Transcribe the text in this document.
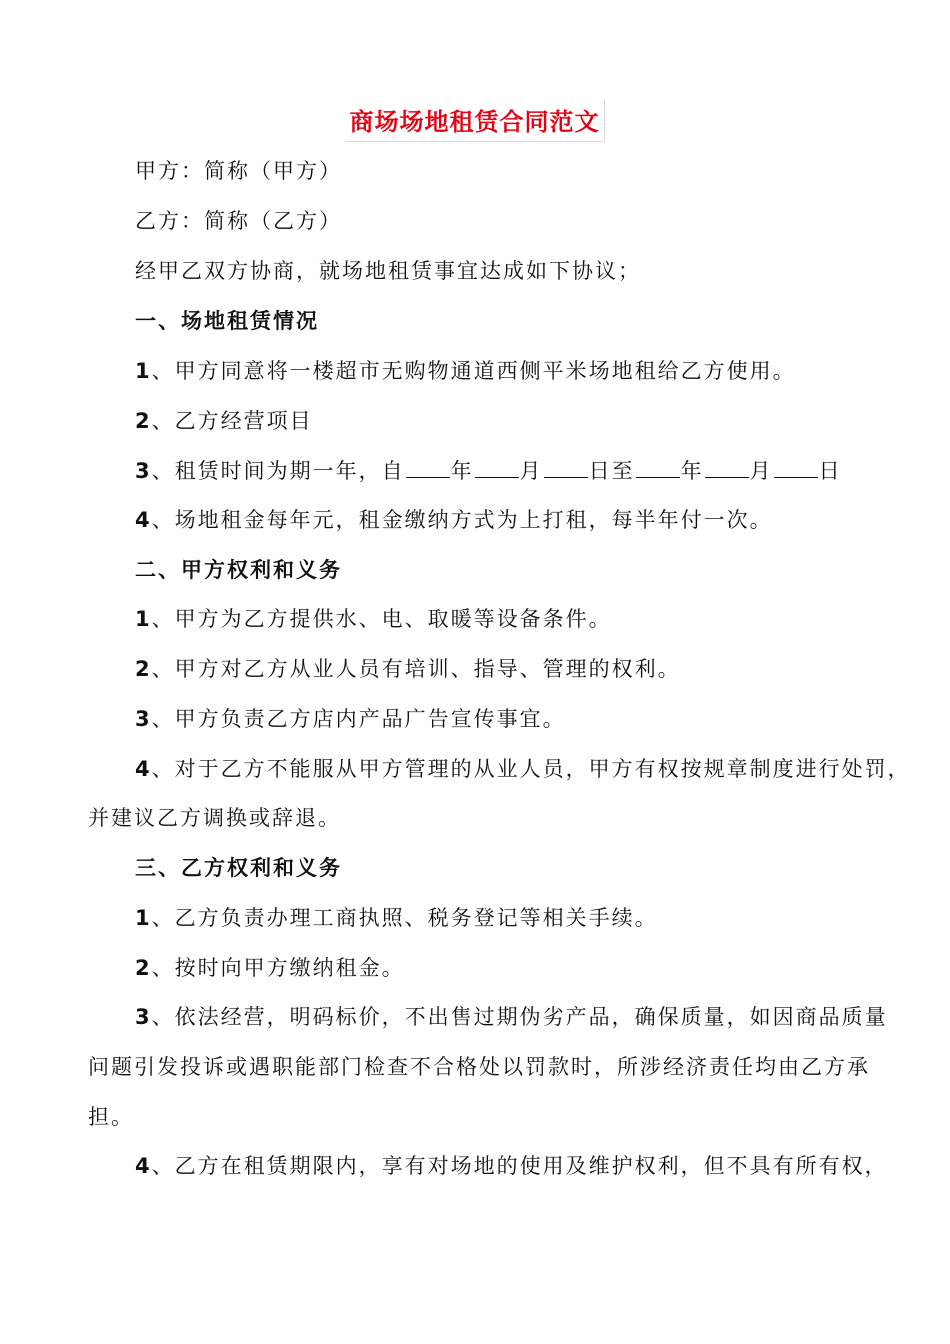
商场场地租赁合同范文
甲方：简称（甲方）
乙方：简称（乙方）
经甲乙双方协商，就场地租赁事宜达成如下协议；
一、场地租赁情况
1、甲方同意将一楼超市无购物通道西侧平米场地租给乙方使用。
2、乙方经营项目
3、租赁时间为期一年，自 年 月 日至 年 月 日
4、场地租金每年元，租金缴纳方式为上打租，每半年付一次。
二、甲方权利和义务
1、甲方为乙方提供水、电、取暖等设备条件。
2、甲方对乙方从业人员有培训、指导、管理的权利。
3、甲方负责乙方店内产品广告宣传事宜。
4、对于乙方不能服从甲方管理的从业人员，甲方有权按规章制度进行处罚，
并建议乙方调换或辞退。
三、乙方权利和义务
1、乙方负责办理工商执照、税务登记等相关手续。
2、按时向甲方缴纳租金。
3、依法经营，明码标价，不出售过期伪劣产品，确保质量，如因商品质量
问题引发投诉或遇职能部门检查不合格处以罚款时，所涉经济责任均由乙方承
担。
4、乙方在租赁期限内，享有对场地的使用及维护权利，但不具有所有权，
